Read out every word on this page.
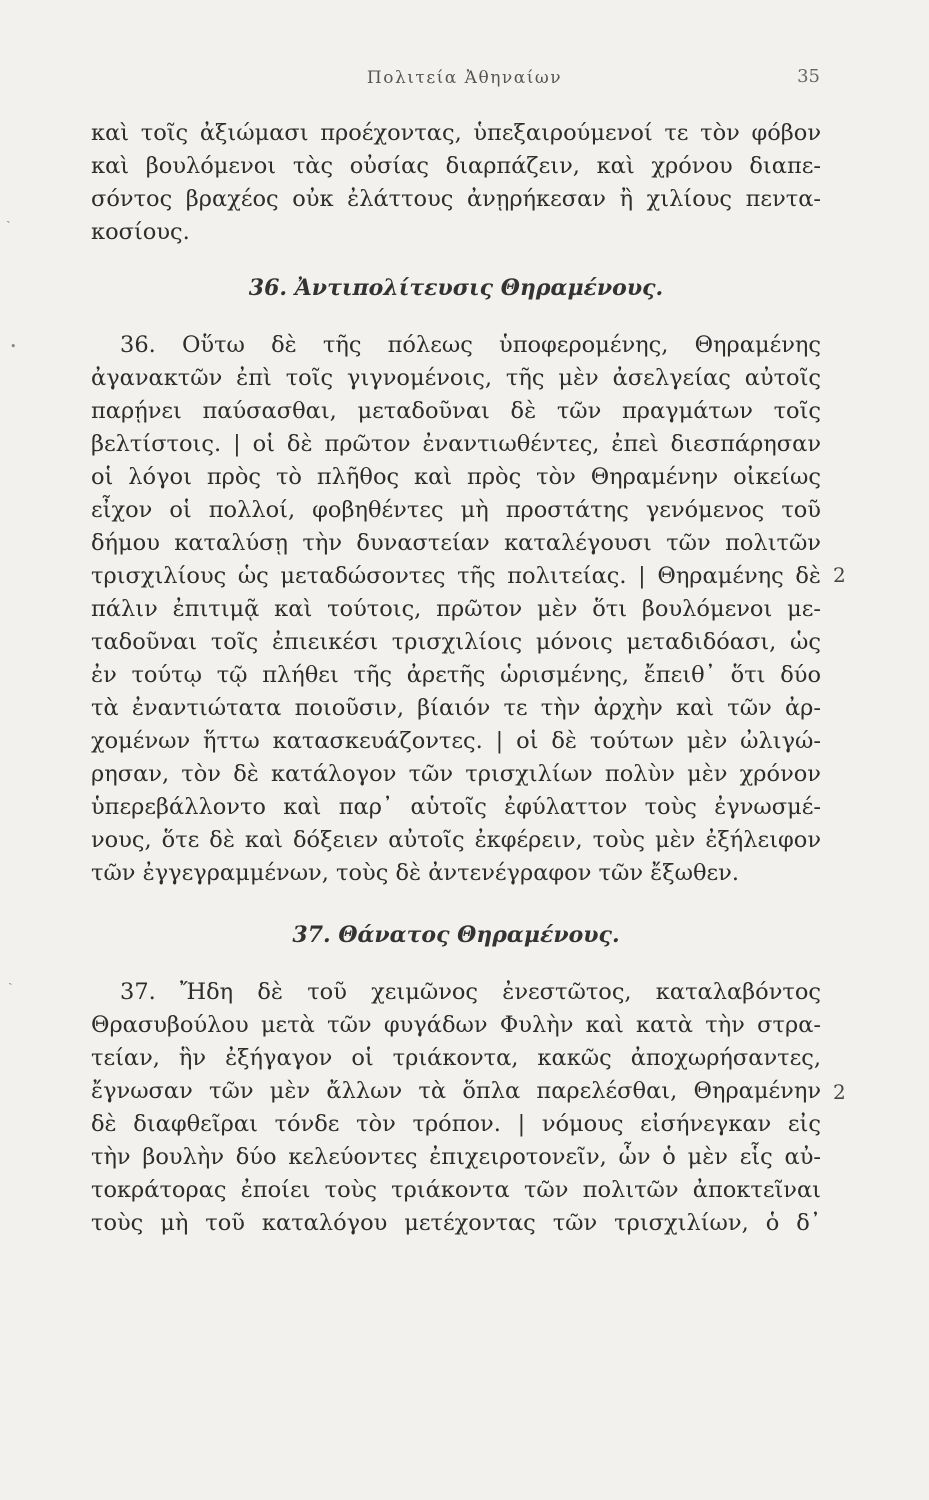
Πολιτεία Ἀθηναίων	35
καὶ τοῖς ἀξιώμασι προέχοντας, ὑπεξαιρούμενοί τε τὸν φόβον
καὶ βουλόμενοι τὰς οὐσίας διαρπάζειν, καὶ χρόνου διαπε-
σόντος βραχέος οὐκ ἐλάττους ἀνῃρήκεσαν ἢ χιλίους πεντα-
κοσίους.
36. Ἀντιπολίτευσις Θηραμένους.
36. Οὕτω δὲ τῆς πόλεως ὑποφερομένης, Θηραμένης
ἀγανακτῶν ἐπὶ τοῖς γιγνομένοις, τῆς μὲν ἀσελγείας αὐτοῖς
παρῄνει παύσασθαι, μεταδοῦναι δὲ τῶν πραγμάτων τοῖς
βελτίστοις. | οἱ δὲ πρῶτον ἐναντιωθέντες, ἐπεὶ διεσπάρησαν
οἱ λόγοι πρὸς τὸ πλῆθος καὶ πρὸς τὸν Θηραμένην οἰκείως
εἶχον οἱ πολλοί, φοβηθέντες μὴ προστάτης γενόμενος τοῦ
δήμου καταλύσῃ τὴν δυναστείαν καταλέγουσι τῶν πολιτῶν
τρισχιλίους ὡς μεταδώσοντες τῆς πολιτείας. | Θηραμένης δὲ
πάλιν ἐπιτιμᾷ καὶ τούτοις, πρῶτον μὲν ὅτι βουλόμενοι με-
ταδοῦναι τοῖς ἐπιεικέσι τρισχιλίοις μόνοις μεταδιδόασι, ὡς
ἐν τούτῳ τῷ πλήθει τῆς ἀρετῆς ὡρισμένης, ἔπειθ᾽ ὅτι δύο
τὰ ἐναντιώτατα ποιοῦσιν, βίαιόν τε τὴν ἀρχὴν καὶ τῶν ἀρ-
χομένων ἥττω κατασκευάζοντες. | οἱ δὲ τούτων μὲν ὠλιγώ-
ρησαν, τὸν δὲ κατάλογον τῶν τρισχιλίων πολὺν μὲν χρόνον
ὑπερεβάλλοντο καὶ παρ᾽ αὑτοῖς ἐφύλαττον τοὺς ἐγνωσμέ-
νους, ὅτε δὲ καὶ δόξειεν αὐτοῖς ἐκφέρειν, τοὺς μὲν ἐξήλειφον
τῶν ἐγγεγραμμένων, τοὺς δὲ ἀντενέγραφον τῶν ἔξωθεν.
2
37. Θάνατος Θηραμένους.
37. Ἤδη δὲ τοῦ χειμῶνος ἐνεστῶτος, καταλαβόντος
Θρασυβούλου μετὰ τῶν φυγάδων Φυλὴν καὶ κατὰ τὴν στρα-
τείαν, ἣν ἐξήγαγον οἱ τριάκοντα, κακῶς ἀποχωρήσαντες,
ἔγνωσαν τῶν μὲν ἄλλων τὰ ὅπλα παρελέσθαι, Θηραμένην
δὲ διαφθεῖραι τόνδε τὸν τρόπον. | νόμους εἰσήνεγκαν εἰς
τὴν βουλὴν δύο κελεύοντες ἐπιχειροτονεῖν, ὧν ὁ μὲν εἷς αὐ-
τοκράτορας ἐποίει τοὺς τριάκοντα τῶν πολιτῶν ἀποκτεῖναι
τοὺς μὴ τοῦ καταλόγου μετέχοντας τῶν τρισχιλίων, ὁ δ᾽
2
ˎ
•
ˎ
